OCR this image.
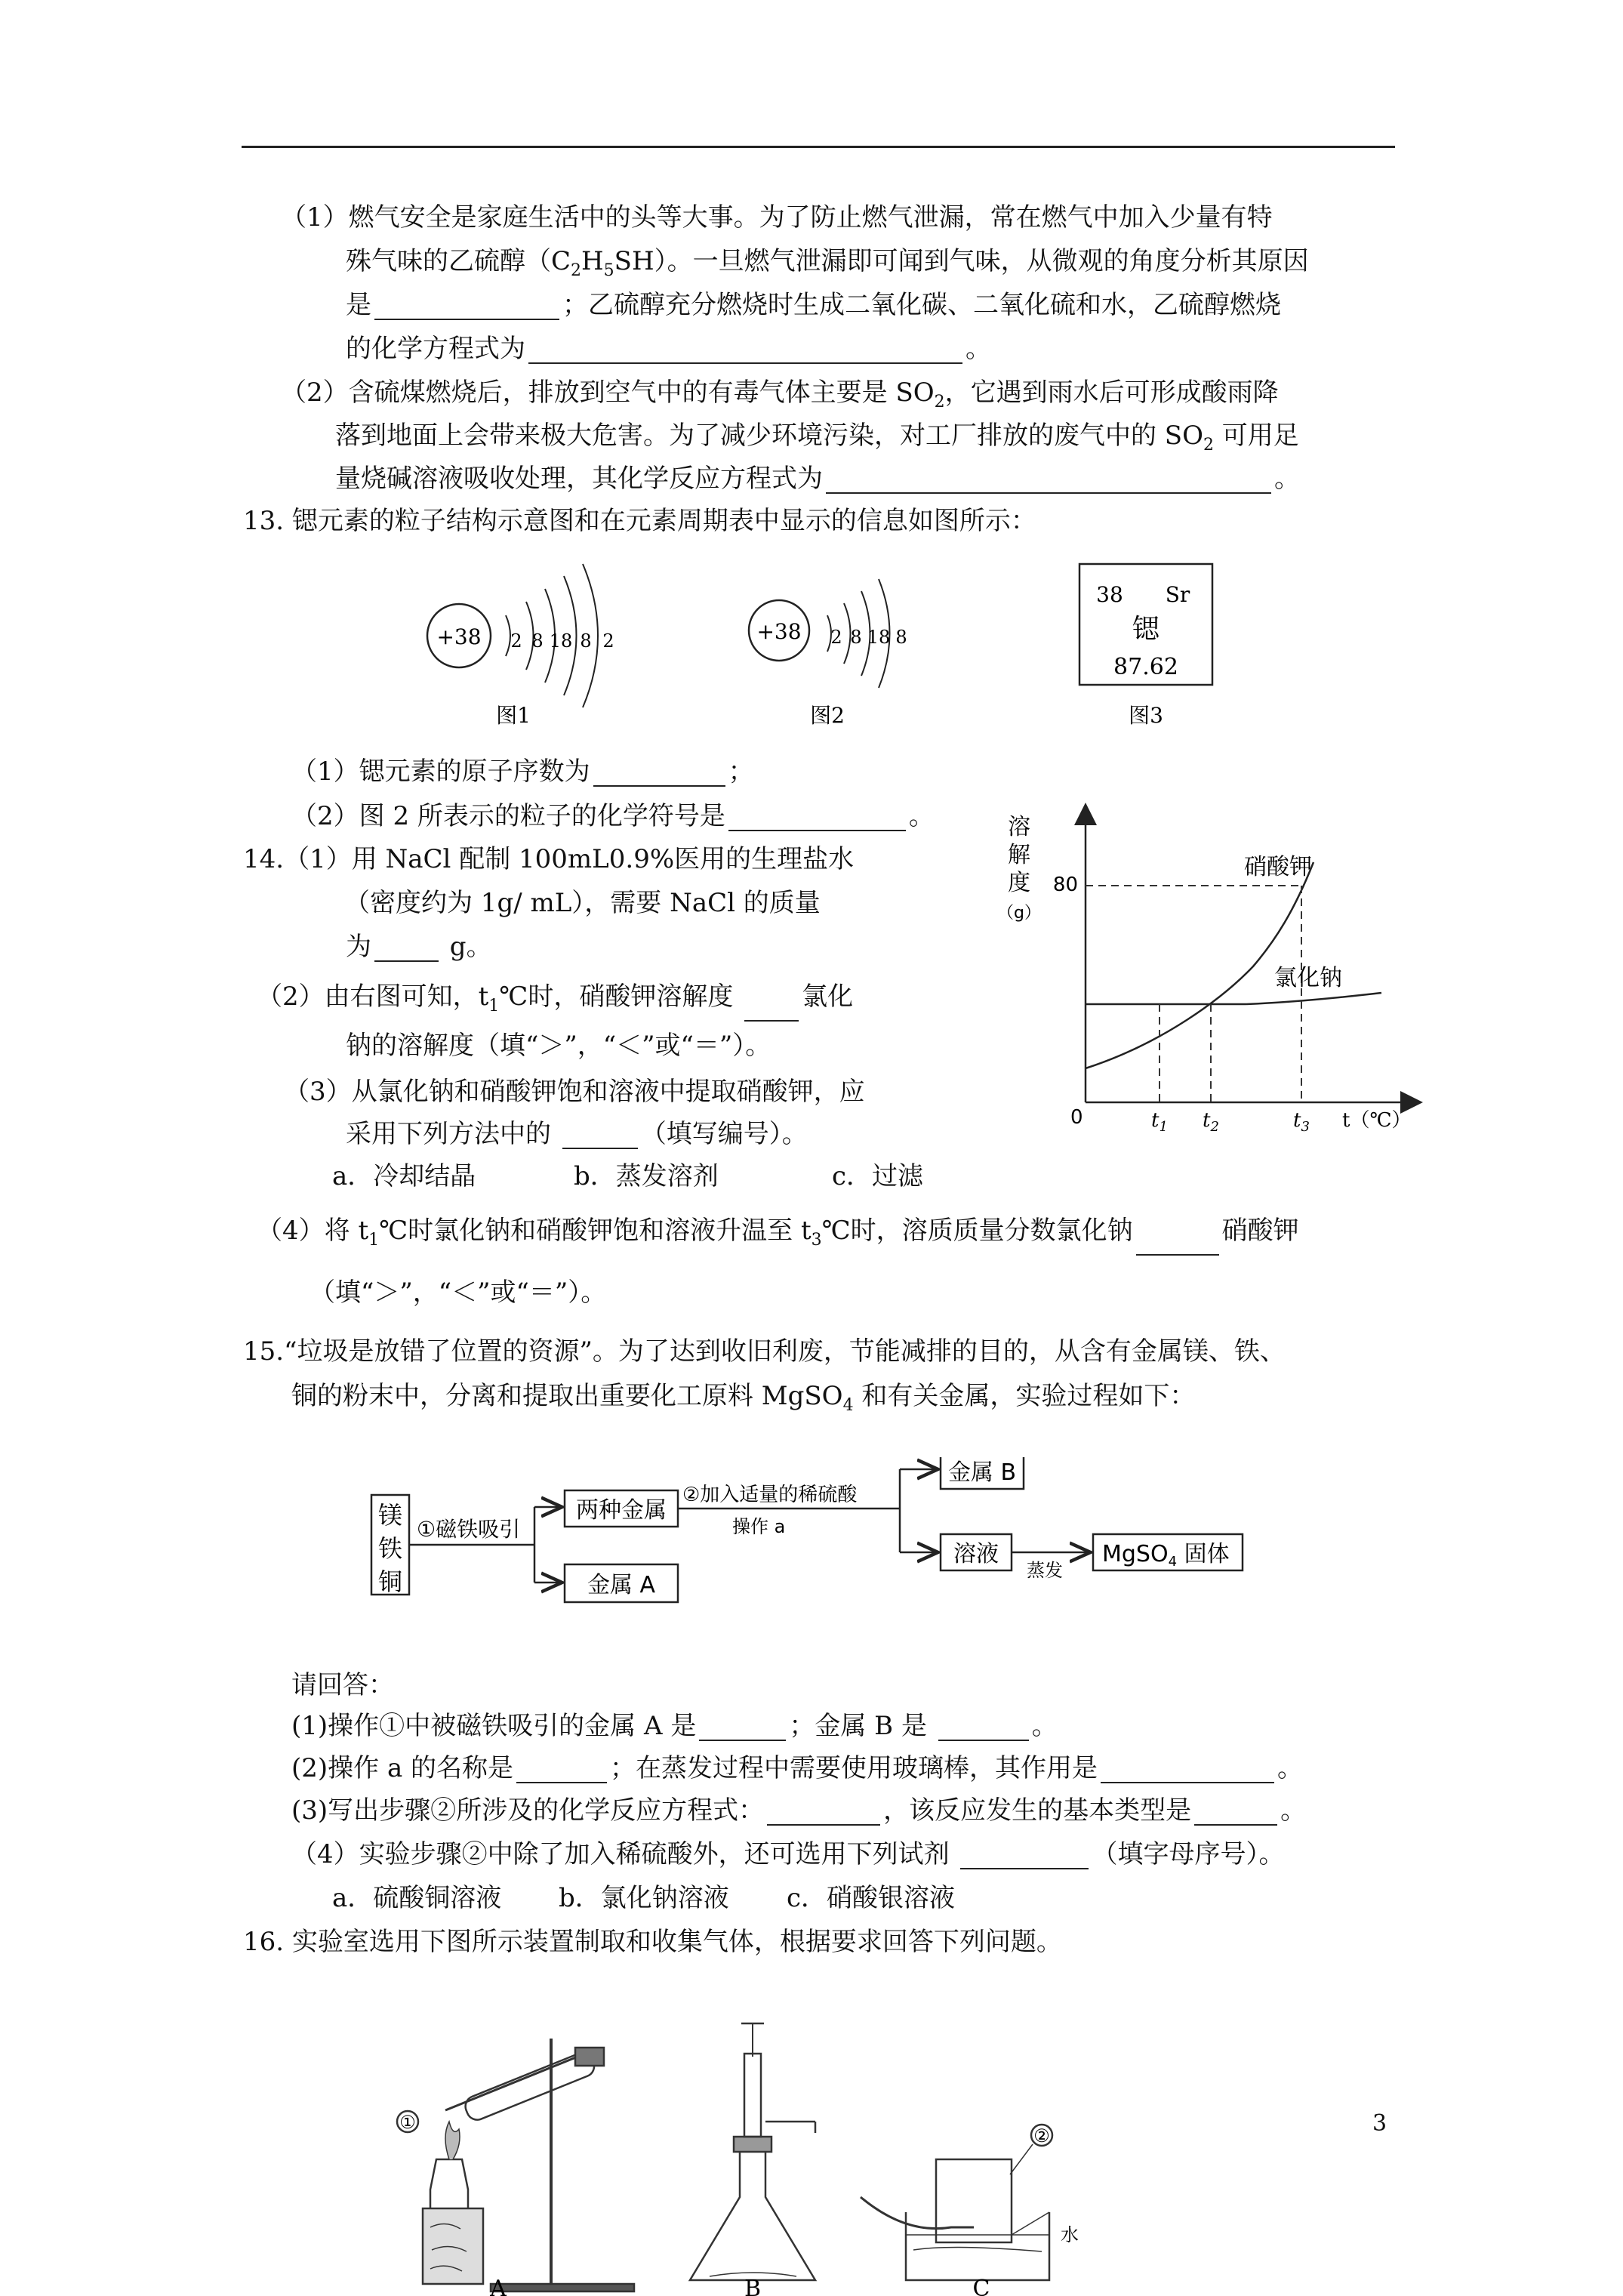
（1）燃气安全是家庭生活中的头等大事。为了防止燃气泄漏，常在燃气中加入少量有特
殊气味的乙硫醇$(C_2H_5SH)$。一旦燃气泄漏即可闻到气味，从微观的角度分析其原因
是	；乙硫醇充分燃烧时生成二氧化碳、二氧化硫和水，乙硫醇燃烧
的化学方程式为	。
（2）含硫煤燃烧后，排放到空气中的有毒气体主要是 $SO_2$，它遇到雨水后可形成酸雨降
落到地面上会带来极大危害。为了减少环境污染，对工厂排放的废气中的 $SO_2$ 可用足
量烧碱溶液吸收处理，其化学反应方程式为	。
13. 锶元素的粒子结构示意图和在元素周期表中显示的信息如图所示：
+38 2 8 18 8 2
图1
+38 2 8 18 8
图2
38 Sr
锶
87.62
图3
（1）锶元素的原子序数为	；
（2）图 2 所表示的粒子的化学符号是	。
14.（1）用 NaCl 配制 100mL0.9%医用的生理盐水
（密度约为 1g/ mL），需要 NaCl 的质量
为	g。
（2）由右图可知，$t_1℃$时，硝酸钾溶解度 氯化
钠的溶解度（填“＞”，“＜”或“＝”）。
（3）从氯化钠和硝酸钾饱和溶液中提取硝酸钾，应
采用下列方法中的	（填写编号）。
a．冷却结晶	b．蒸发溶剂	c．过滤
（4）将 $t_1℃$时氯化钠和硝酸钾饱和溶液升温至 $t_3℃$时，溶质质量分数氯化钠	硝酸钾
（填“＞”，“＜”或“＝”）。
溶
解
度
（g）
80
0	$t_1$ $t_2$	$t_3$ t（℃）
硝酸钾
氯化钠
15.“垃圾是放错了位置的资源”。为了达到收旧利废，节能减排的目的，从含有金属镁、铁、
铜的粉末中，分离和提取出重要化工原料 MgSO$_4$ 和有关金属，实验过程如下：
镁
铁
铜
①磁铁吸引
两种金属
金属 A
②加入适量的稀硫酸
操作 a
金属 B
溶液
蒸发
MgSO$_4$ 固体
请回答：
(1)操作①中被磁铁吸引的金属 A 是	；金属 B 是	。
(2)操作 a 的名称是	；在蒸发过程中需要使用玻璃棒，其作用是	。
(3)写出步骤②所涉及的化学反应方程式：	，该反应发生的基本类型是	。
（4）实验步骤②中除了加入稀硫酸外，还可选用下列试剂	（填字母序号）。
a．硫酸铜溶液 b．氯化钠溶液 c．硝酸银溶液
16. 实验室选用下图所示装置制取和收集气体，根据要求回答下列问题。
①
A	B
②
水
C
3
